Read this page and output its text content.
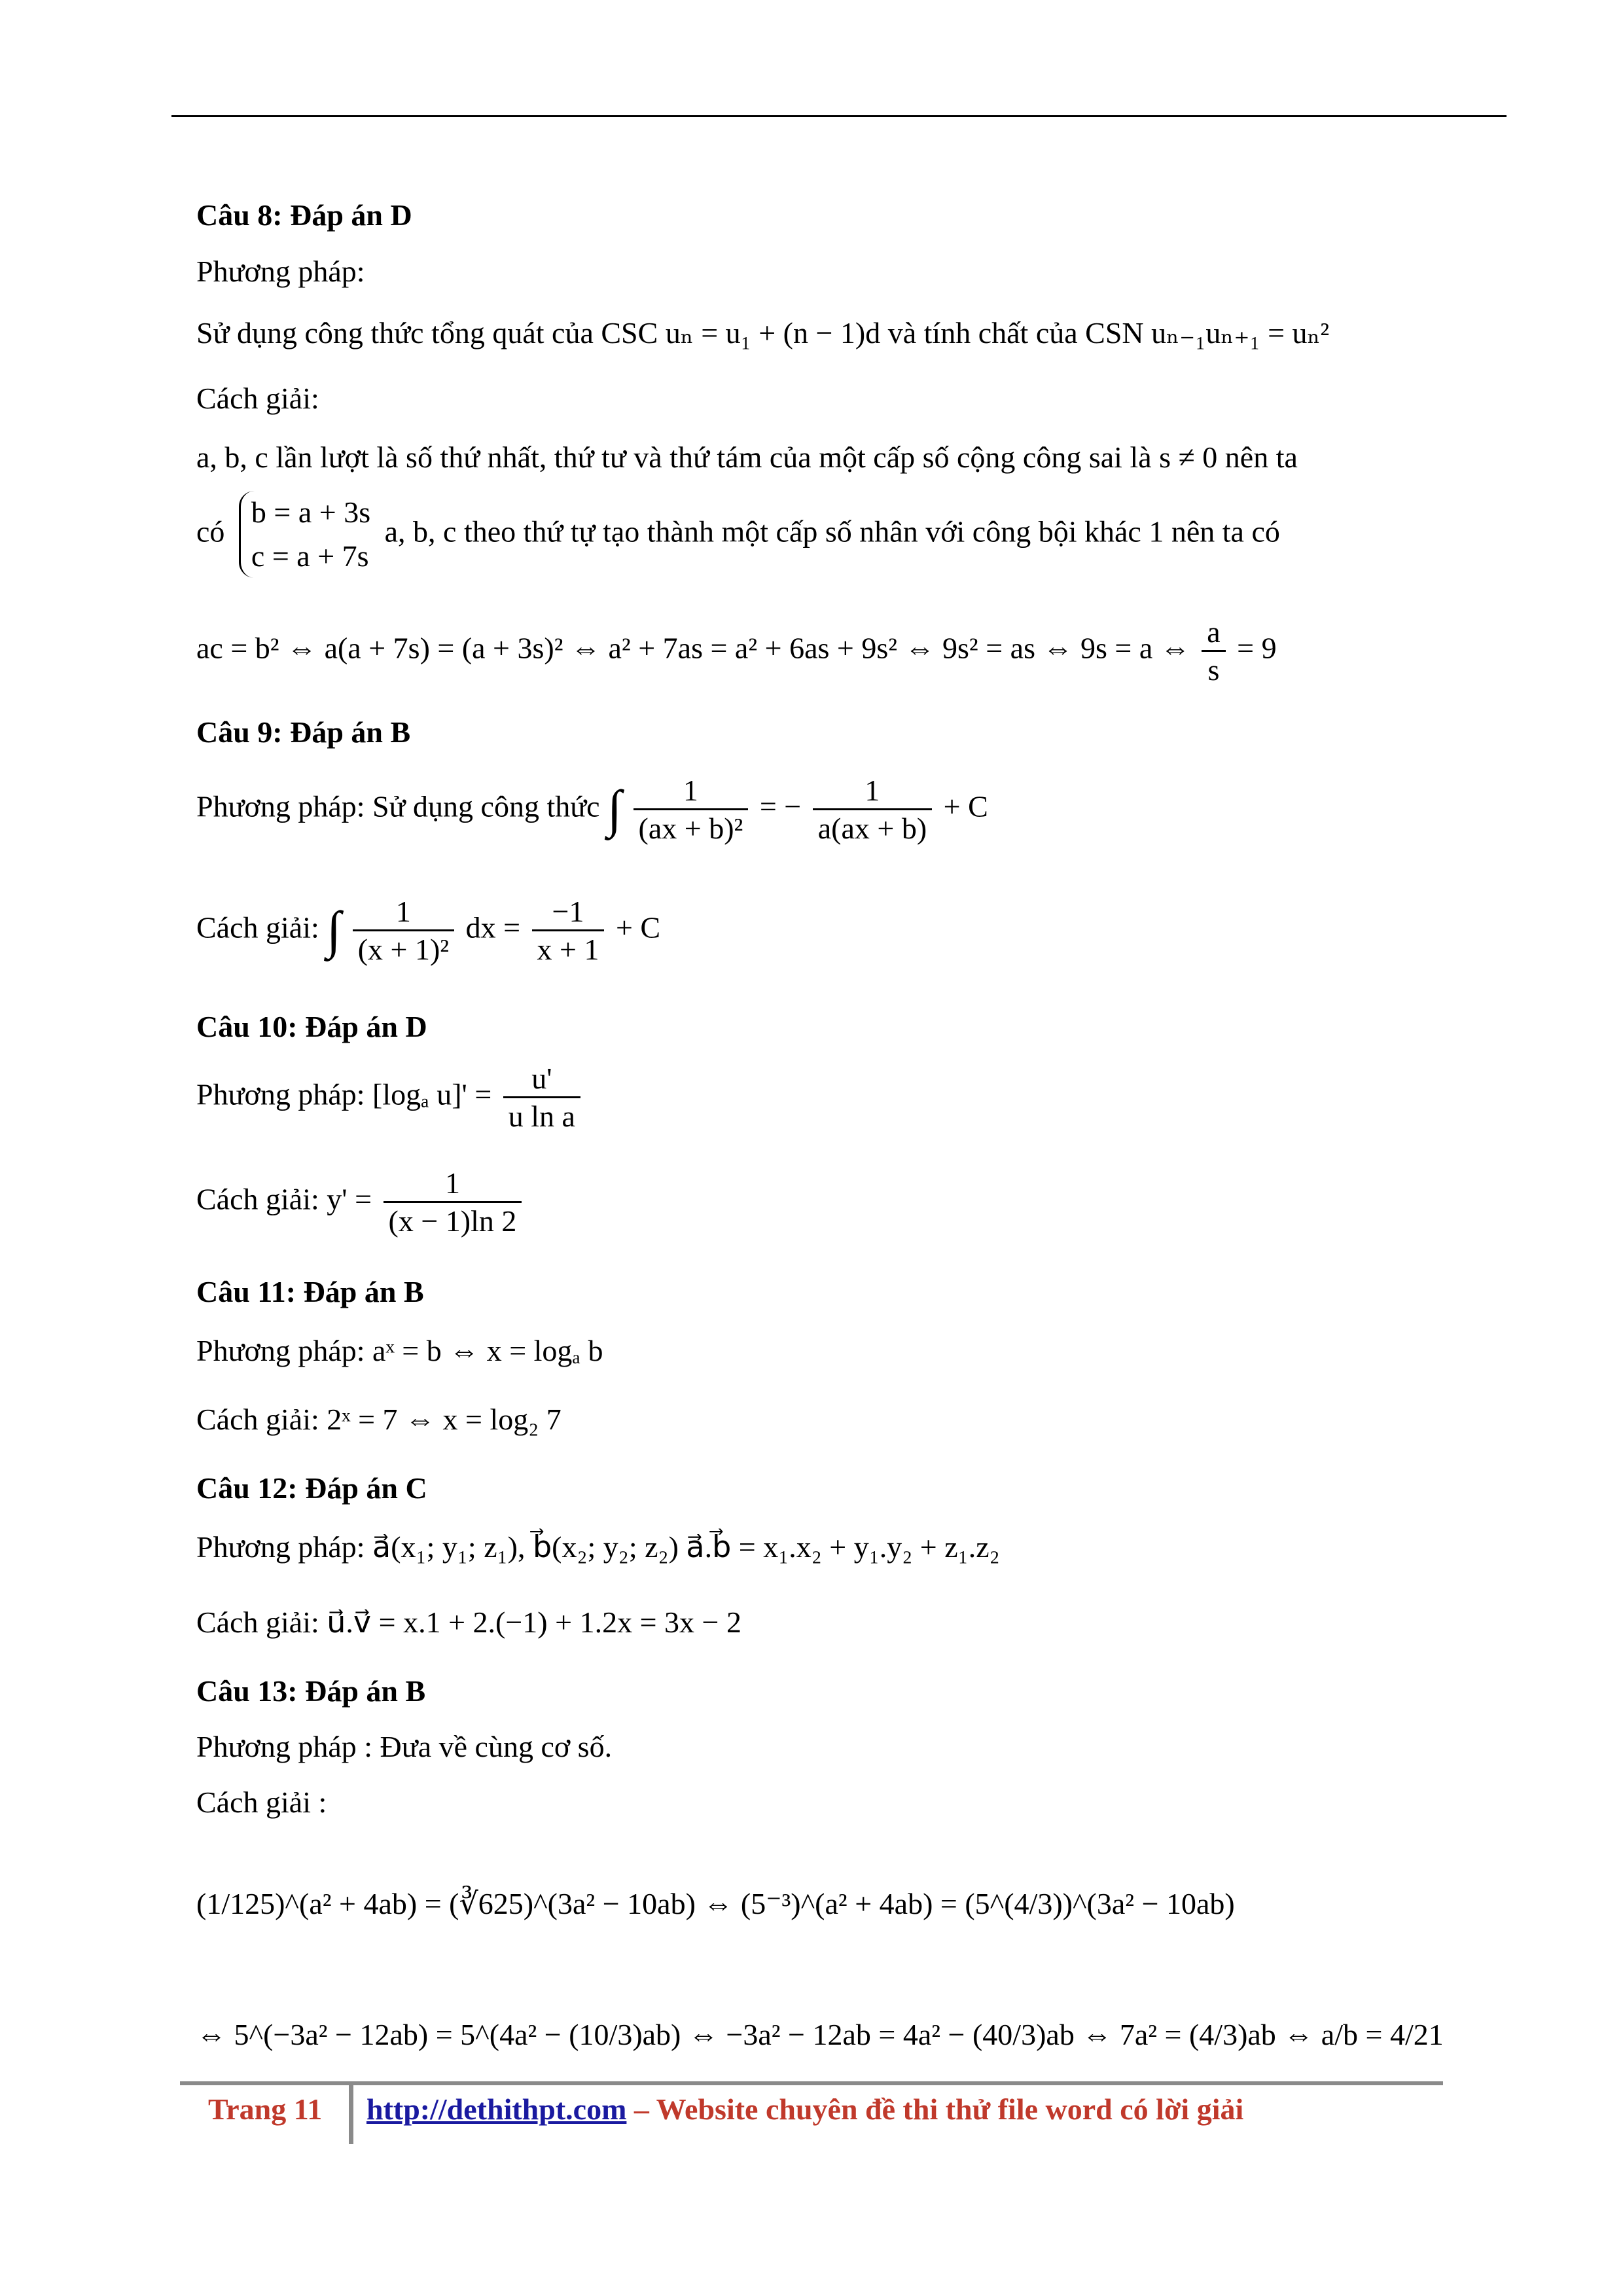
Câu 8: Đáp án D
Phương pháp:
Sử dụng công thức tổng quát của CSC uₙ = u₁ + (n − 1)d và tính chất của CSN uₙ₋₁uₙ₊₁ = uₙ²
Cách giải:
a, b, c lần lượt là số thứ nhất, thứ tư và thứ tám của một cấp số cộng công sai là s ≠ 0 nên ta
có
b = a + 3s
c = a + 7s
a, b, c theo thứ tự tạo thành một cấp số nhân với công bội khác 1 nên ta có
ac = b² ⇔ a(a + 7s) = (a + 3s)² ⇔ a² + 7as = a² + 6as + 9s² ⇔ 9s² = as ⇔ 9s = a ⇔ $\frac{a}{s} = 9$
Câu 9: Đáp án B
Phương pháp: Sử dụng công thức ∫ $\frac{1}{\text{(ax + b)²}}$ = − $\frac{1}{a(ax + b)} + C$
Cách giải: ∫ $\frac{1}{\text{(x + 1)²}}$ dx = $\frac{-1}{x + 1} + C$
Câu 10: Đáp án D
Phương pháp: [logₐ $u]' = \frac{u'}{\text{u ln a}}$
Cách giải: $y' = \frac{1}{(x - 1)\ln 2}$
Câu 11: Đáp án B
Phương pháp: aˣ = b ⇔ x = logₐ b
Cách giải: 2ˣ = 7 ⇔ x = log₂ 7
Câu 12: Đáp án C
Phương pháp: a⃗(x₁; y₁; z₁), b⃗(x₂; y₂; z₂) a⃗.b⃗ = x₁.x₂ + y₁.y₂ + z₁.z₂
Cách giải: u⃗.v⃗ = x.1 + 2.(−1) + 1.2x = 3x − 2
Câu 13: Đáp án B
Phương pháp : Đưa về cùng cơ số.
Cách giải :
(1/125)^(a² + 4ab) = (∛625)^(3a² − 10ab) ⇔ (5⁻³)^(a² + 4ab) = (5^(4/3))^(3a² − 10ab)
⇔ 5^(−3a² − 12ab) = 5^(4a² − (10/3)ab) ⇔ −3a² − 12ab = 4a² − (40/3)ab ⇔ 7a² = (4/3)ab ⇔ a/b = 4/21
Trang 11 http://dethithpt.com – Website chuyên đề thi thử file word có lời giải
